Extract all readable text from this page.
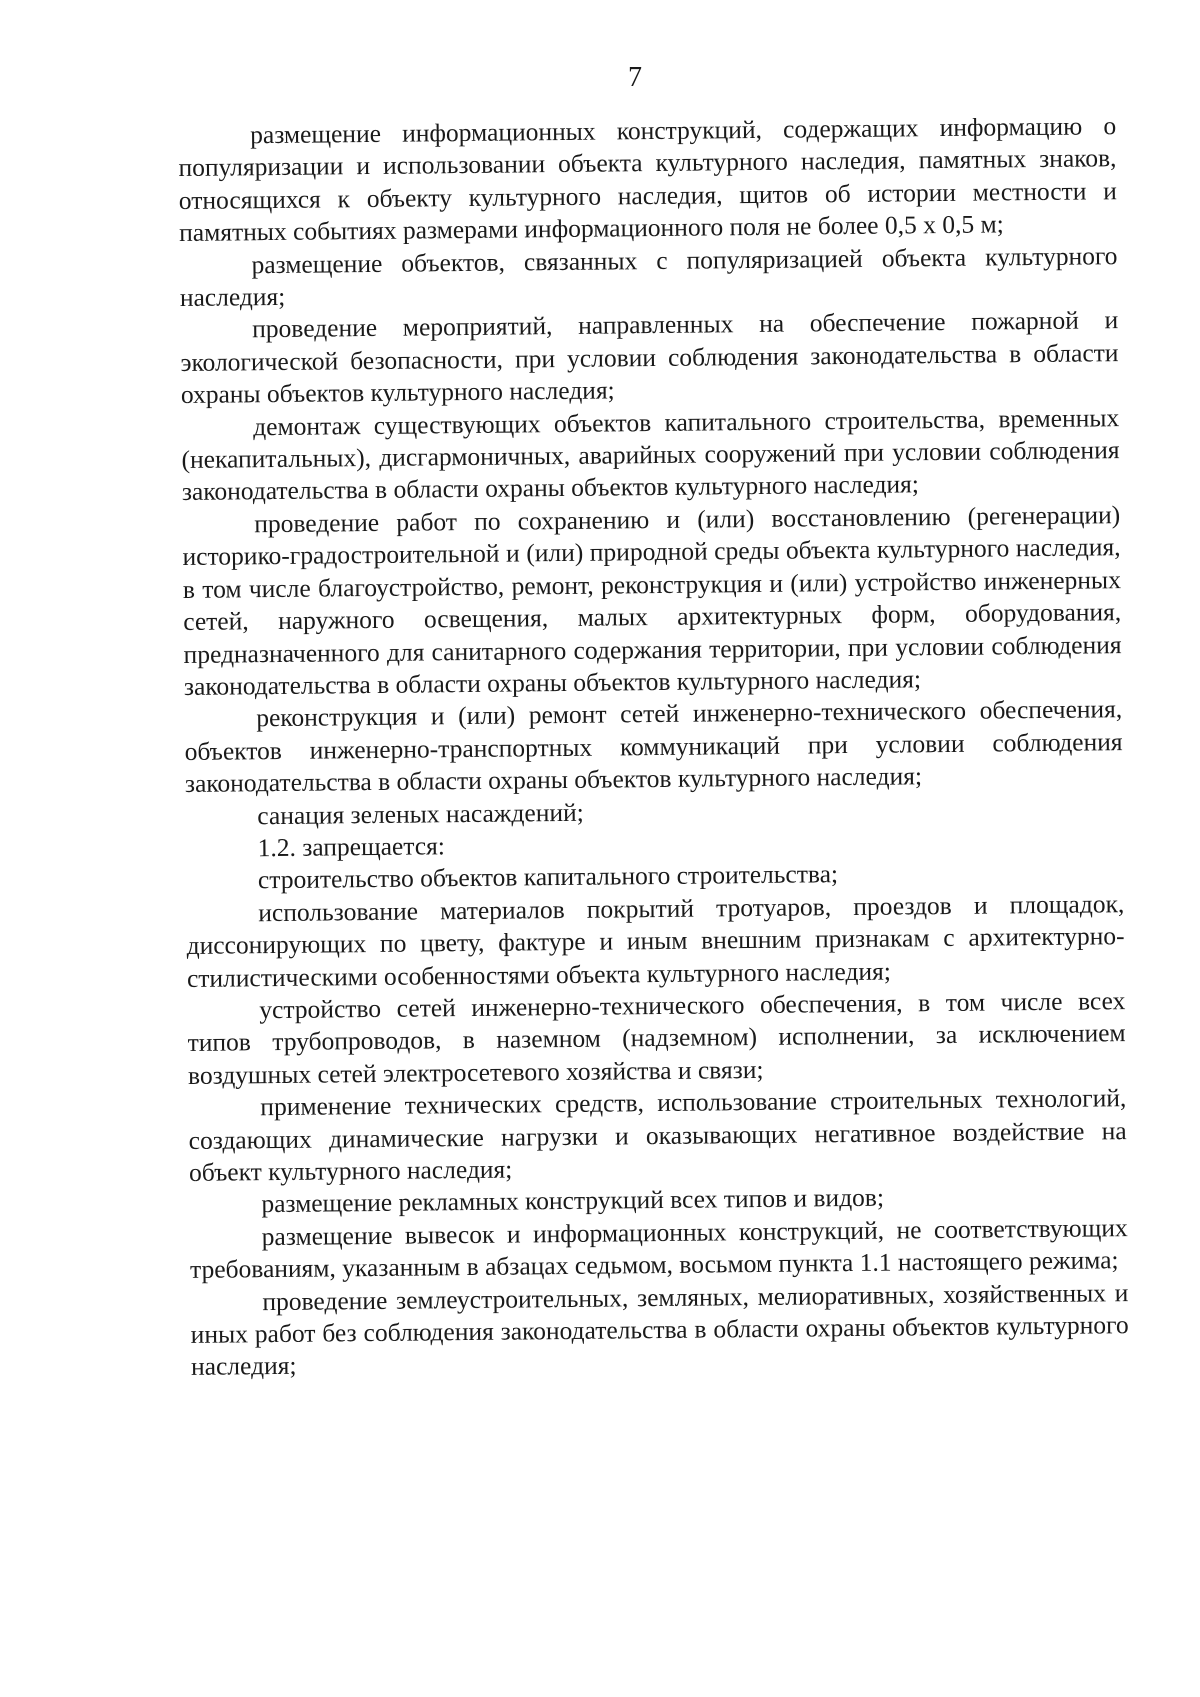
7

размещение информационных конструкций, содержащих информацию о популяризации и использовании объекта культурного наследия, памятных знаков, относящихся к объекту культурного наследия, щитов об истории местности и памятных событиях размерами информационного поля не более 0,5 х 0,5 м;

размещение объектов, связанных с популяризацией объекта культурного наследия;

проведение мероприятий, направленных на обеспечение пожарной и экологической безопасности, при условии соблюдения законодательства в области охраны объектов культурного наследия;

демонтаж существующих объектов капитального строительства, временных (некапитальных), дисгармоничных, аварийных сооружений при условии соблюдения законодательства в области охраны объектов культурного наследия;

проведение работ по сохранению и (или) восстановлению (регенерации) историко-градостроительной и (или) природной среды объекта культурного наследия, в том числе благоустройство, ремонт, реконструкция и (или) устройство инженерных сетей, наружного освещения, малых архитектурных форм, оборудования, предназначенного для санитарного содержания территории, при условии соблюдения законодательства в области охраны объектов культурного наследия;

реконструкция и (или) ремонт сетей инженерно-технического обеспечения, объектов инженерно-транспортных коммуникаций при условии соблюдения законодательства в области охраны объектов культурного наследия;

санация зеленых насаждений;

1.2. запрещается:

строительство объектов капитального строительства;

использование материалов покрытий тротуаров, проездов и площадок, диссонирующих по цвету, фактуре и иным внешним признакам с архитектурно-стилистическими особенностями объекта культурного наследия;

устройство сетей инженерно-технического обеспечения, в том числе всех типов трубопроводов, в наземном (надземном) исполнении, за исключением воздушных сетей электросетевого хозяйства и связи;

применение технических средств, использование строительных технологий, создающих динамические нагрузки и оказывающих негативное воздействие на объект культурного наследия;

размещение рекламных конструкций всех типов и видов;

размещение вывесок и информационных конструкций, не соответствующих требованиям, указанным в абзацах седьмом, восьмом пункта 1.1 настоящего режима;

проведение землеустроительных, земляных, мелиоративных, хозяйственных и иных работ без соблюдения законодательства в области охраны объектов культурного наследия;
